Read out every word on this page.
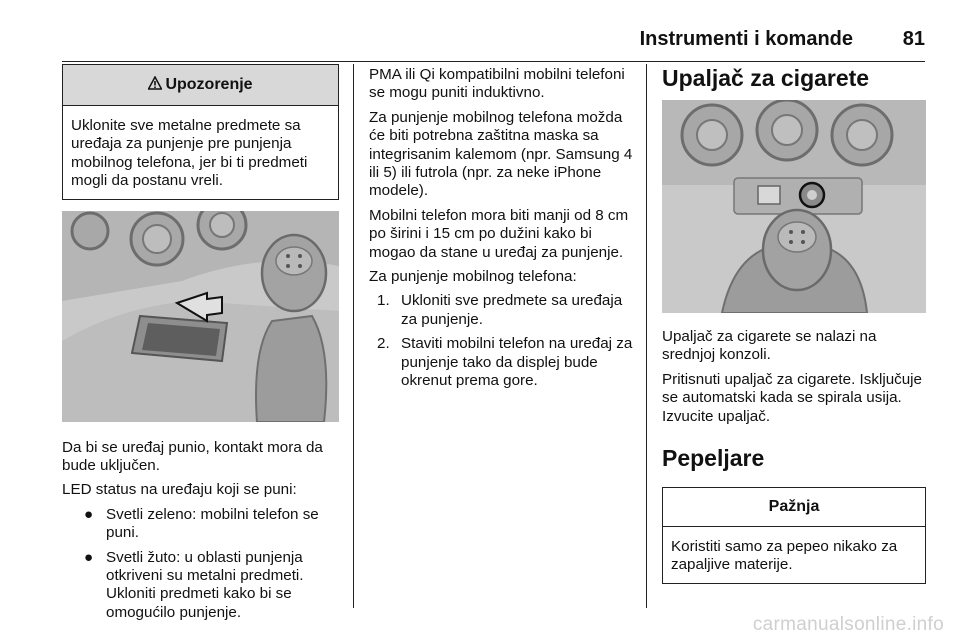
Instrumenti i komande 81
Upozorenje
Uklonite sve metalne predmete sa uređaja za punjenje pre punjenja mobilnog telefona, jer bi ti predmeti mogli da postanu vreli.

Da bi se uređaj punio, kontakt mora da bude uključen.

LED status na uređaju koji se puni:

● Svetli zeleno: mobilni telefon se puni.
● Svetli žuto: u oblasti punjenja otkriveni su metalni predmeti. Ukloniti predmeti kako bi se omogućilo punjenje.

PMA ili Qi kompatibilni mobilni telefoni se mogu puniti induktivno.

Za punjenje mobilnog telefona možda će biti potrebna zaštitna maska sa integrisanim kalemom (npr. Samsung 4 ili 5) ili futrola (npr. za neke iPhone modele).

Mobilni telefon mora biti manji od 8 cm po širini i 15 cm po dužini kako bi mogao da stane u uređaj za punjenje.

Za punjenje mobilnog telefona:

1. Ukloniti sve predmete sa uređaja za punjenje.
2. Staviti mobilni telefon na uređaj za punjenje tako da displej bude okrenut prema gore.
Upaljač za cigarete

Upaljač za cigarete se nalazi na srednjoj konzoli.

Pritisnuti upaljač za cigarete. Isključuje se automatski kada se spirala usija. Izvucite upaljač.

Pepeljare
Pažnja
Koristiti samo za pepeo nikako za zapaljive materije.
carmanualsonline.info
